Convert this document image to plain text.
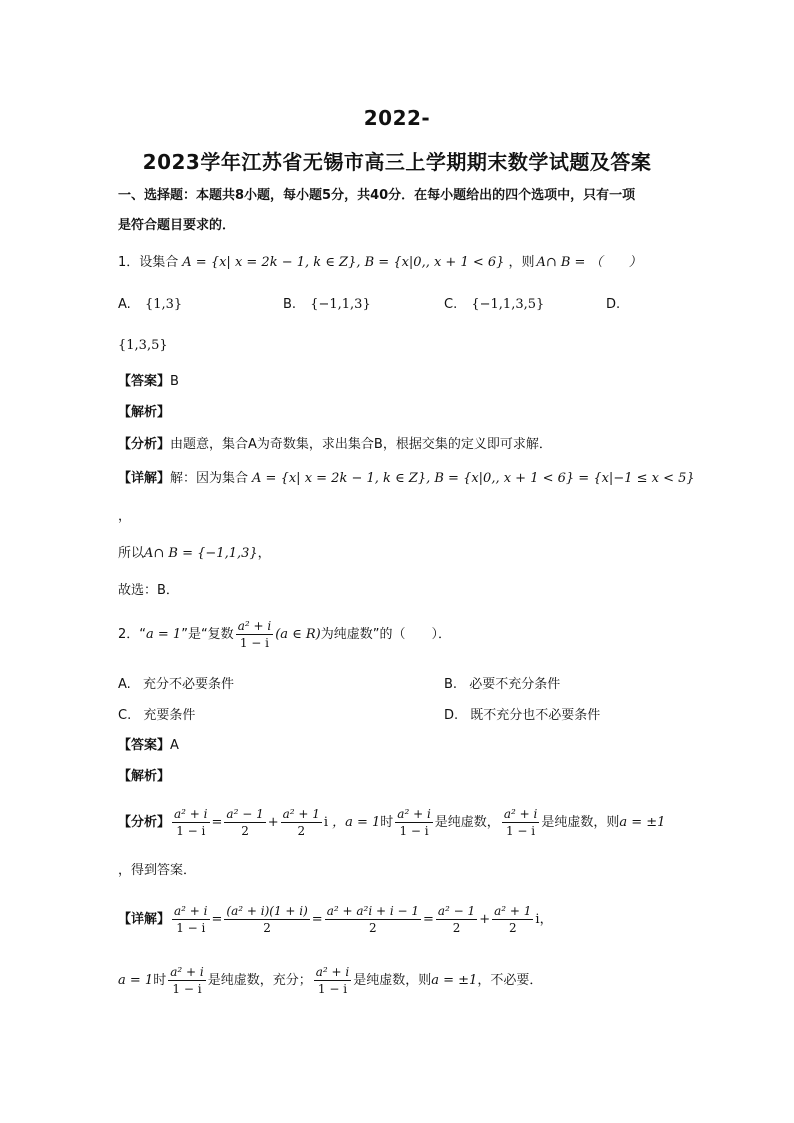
2022-
2023学年江苏省无锡市高三上学期期末数学试题及答案
一、选择题：本题共8小题，每小题5分，共40分．在每小题给出的四个选项中，只有一项
是符合题目要求的．
1．设集合 A = {x| x = 2k − 1, k ∈ Z} , B = {x|0,, x + 1 < 6} ，则 A∩ B = （　　）
A. {1,3}	B. {−1,1,3}	C. {−1,1,3,5}	D.
{1,3,5}
【答案】B
【解析】
【分析】由题意，集合A为奇数集，求出集合B，根据交集的定义即可求解．
【详解】 解：因为集合 A = {x| x = 2k − 1, k ∈ Z}, B = {x|0,, x + 1 < 6} = {x|−1 ≤ x < 5}
，
所以A∩ B = {−1,1,3}，
故选：B．
2．“ a = 1 ”是“复数 $\frac{\text{a² + i}}{1 - i} (a$ ∈ R) 为纯虚数”的（　　）．
A. 充分不必要条件	B. 必要不充分条件
C. 充要条件	D. 既不充分也不必要条件
【答案】A
【解析】
【分析】 $\frac{\text{a² + i}}{1 - i} = \frac{\text{a² − 1}}{2} + \frac{\text{a² + 1}}{2}$ i ，a = 1 时 $\frac{\text{a² + i}}{1 - i}$ 是纯虚数， $\frac{\text{a² + i}}{1 - i}$ 是纯虚数，则 a = ±1
，得到答案．
【详解】 $\frac{\text{a² + i}}{1 - i} = \frac{\text{(a² + i)(1 + i)}}{2} = \frac{\text{a² + a²i + i − 1}}{2} = \frac{\text{a² − 1}}{2} + \frac{\text{a² + 1}}{2}$ i ，
a = 1 时 $\frac{\text{a² + i}}{1 - i}$ 是纯虚数，充分； $\frac{\text{a² + i}}{1 - i}$ 是纯虚数，则 a = ±1 ，不必要．
